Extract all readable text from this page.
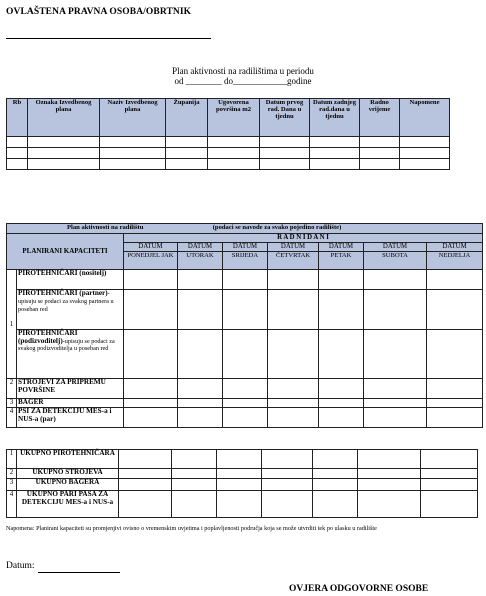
OVLAŠTENA PRAVNA OSOBA/OBRTNIK
Plan aktivnosti na radilištima u periodu
od ________ do____________godine
Rb	Oznaka Izvedbenog plana	Naziv Izvedbenog plana	Županija	Ugovorena površina m2	Datum prvog rad. Dana u tjednu	Datum zadnjeg rad.dana u tjednu	Radno vrijeme	Napomene

Plan aktivnosti na radilištu (podaci se navode za svako pojedino radilište)								
PLANIRANI KAPACITETI		R A D N I D A N I						
		DATUM	DATUM	DATUM	DATUM	DATUM	DATUM	DATUM
		PONEDJEL JAK	UTORAK	SRIJEDA	ČETVRTAK	PETAK	SUBOTA	NEDJELJA
1	PIROTEHNIČARI (nositelj)							
	PIROTEHNIČARI (partner)-upisuju se podaci za svakog partnera u poseban red							
	PIROTEHNIČARI (podizvoditelj)-upisuju se podaci za svakog podizvoditelja u poseban red							
2	STROJEVI ZA PRIPREMU POVRŠINE							
3	BAGER							
4	PSI ZA DETEKCIJU MES-a i NUS-a (par)							
1	UKUPNO PIROTEHNIČARA							
2	UKUPNO STROJEVA							
3	UKUPNO BAGERA							
4	UKUPNO PARI PASA ZA DETEKCIJU MES-a i NUS-a							
Napomena: Planirani kapaciteti su promjenjivi ovisno o vremenskim uvjetima i poplavljenosti područja koja se može utvrditi tek po ulasku u radilište
Datum:
OVJERA ODGOVORNE OSOBE
